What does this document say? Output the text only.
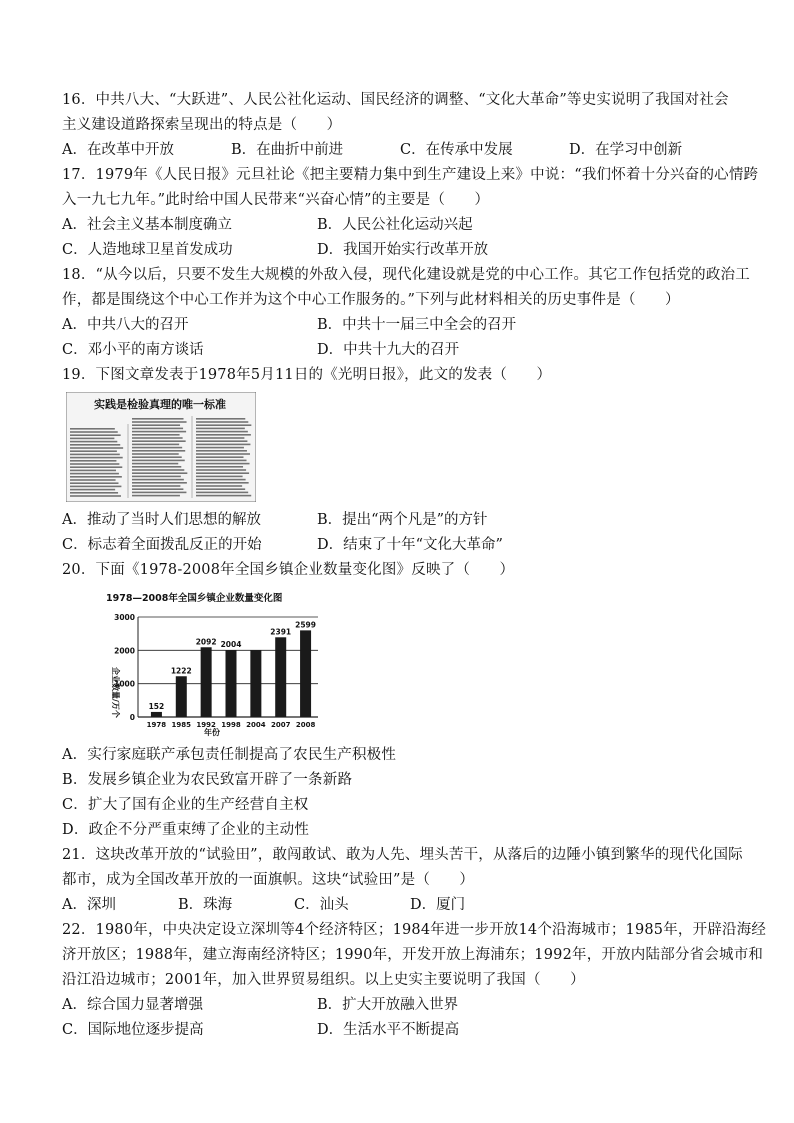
16．中共八大、“大跃进”、人民公社化运动、国民经济的调整、“文化大革命”等史实说明了我国对社会
主义建设道路探索呈现出的特点是（　　）
A．在改革中开放	B．在曲折中前进	C．在传承中发展	D．在学习中创新
17．1979年《人民日报》元旦社论《把主要精力集中到生产建设上来》中说：“我们怀着十分兴奋的心情跨
入一九七九年。”此时给中国人民带来“兴奋心情”的主要是（　　）
A．社会主义基本制度确立	B．人民公社化运动兴起
C．人造地球卫星首发成功	D．我国开始实行改革开放
18．“从今以后，只要不发生大规模的外敌入侵，现代化建设就是党的中心工作。其它工作包括党的政治工
作，都是围绕这个中心工作并为这个中心工作服务的。”下列与此材料相关的历史事件是（　　）
A．中共八大的召开	B．中共十一届三中全会的召开
C．邓小平的南方谈话	D．中共十九大的召开
19．下图文章发表于1978年5月11日的《光明日报》，此文的发表（　　）
实践是检验真理的唯一标准
A．推动了当时人们思想的解放	B．提出“两个凡是”的方针
C．标志着全面拨乱反正的开始	D．结束了十年“文化大革命”
20．下面《1978-2008年全国乡镇企业数量变化图》反映了（　　）
1978—2008年全国乡镇企业数量变化图
企业数量/万个
年份
152
1222
2092 2004
2391
2599
1978 1985 1992 1998 2004 2007 2008
0
1000
2000
3000
A．实行家庭联产承包责任制提高了农民生产积极性
B．发展乡镇企业为农民致富开辟了一条新路
C．扩大了国有企业的生产经营自主权
D．政企不分严重束缚了企业的主动性
21．这块改革开放的“试验田”，敢闯敢试、敢为人先、埋头苦干，从落后的边陲小镇到繁华的现代化国际
都市，成为全国改革开放的一面旗帜。这块“试验田”是（　　）
A．深圳	B．珠海	C．汕头	D．厦门
22．1980年，中央决定设立深圳等4个经济特区；1984年进一步开放14个沿海城市；1985年，开辟沿海经
济开放区；1988年，建立海南经济特区；1990年，开发开放上海浦东；1992年，开放内陆部分省会城市和
沿江沿边城市；2001年，加入世界贸易组织。以上史实主要说明了我国（　　）
A．综合国力显著增强	B．扩大开放融入世界
C．国际地位逐步提高	D．生活水平不断提高
